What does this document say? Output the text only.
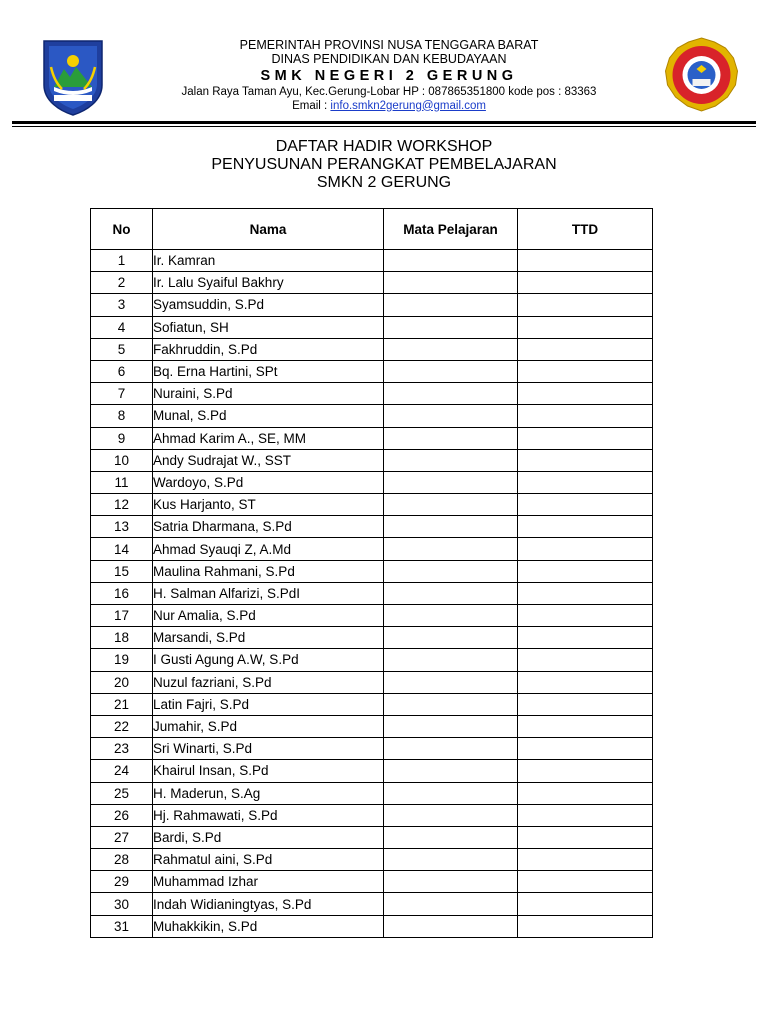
PEMERINTAH PROVINSI NUSA TENGGARA BARAT
DINAS PENDIDIKAN DAN KEBUDAYAAN
SMK NEGERI 2 GERUNG
Jalan Raya Taman Ayu, Kec.Gerung-Lobar HP : 087865351800 kode pos : 83363
Email : info.smkn2gerung@gmail.com
DAFTAR HADIR WORKSHOP
PENYUSUNAN PERANGKAT PEMBELAJARAN
SMKN 2 GERUNG
No	Nama	Mata Pelajaran	TTD
1	Ir. Kamran		
2	Ir. Lalu Syaiful Bakhry		
3	Syamsuddin, S.Pd		
4	Sofiatun, SH		
5	Fakhruddin, S.Pd		
6	Bq. Erna Hartini, SPt		
7	Nuraini, S.Pd		
8	Munal, S.Pd		
9	Ahmad Karim A., SE, MM		
10	Andy Sudrajat W., SST		
11	Wardoyo, S.Pd		
12	Kus Harjanto, ST		
13	Satria Dharmana, S.Pd		
14	Ahmad Syauqi Z, A.Md		
15	Maulina Rahmani, S.Pd		
16	H. Salman Alfarizi, S.PdI		
17	Nur Amalia, S.Pd		
18	Marsandi, S.Pd		
19	I Gusti Agung A.W, S.Pd		
20	Nuzul fazriani, S.Pd		
21	Latin Fajri, S.Pd		
22	Jumahir, S.Pd		
23	Sri Winarti, S.Pd		
24	Khairul Insan, S.Pd		
25	H. Maderun, S.Ag		
26	Hj. Rahmawati, S.Pd		
27	Bardi, S.Pd		
28	Rahmatul aini, S.Pd		
29	Muhammad Izhar		
30	Indah Widianingtyas, S.Pd		
31	Muhakkikin, S.Pd		
